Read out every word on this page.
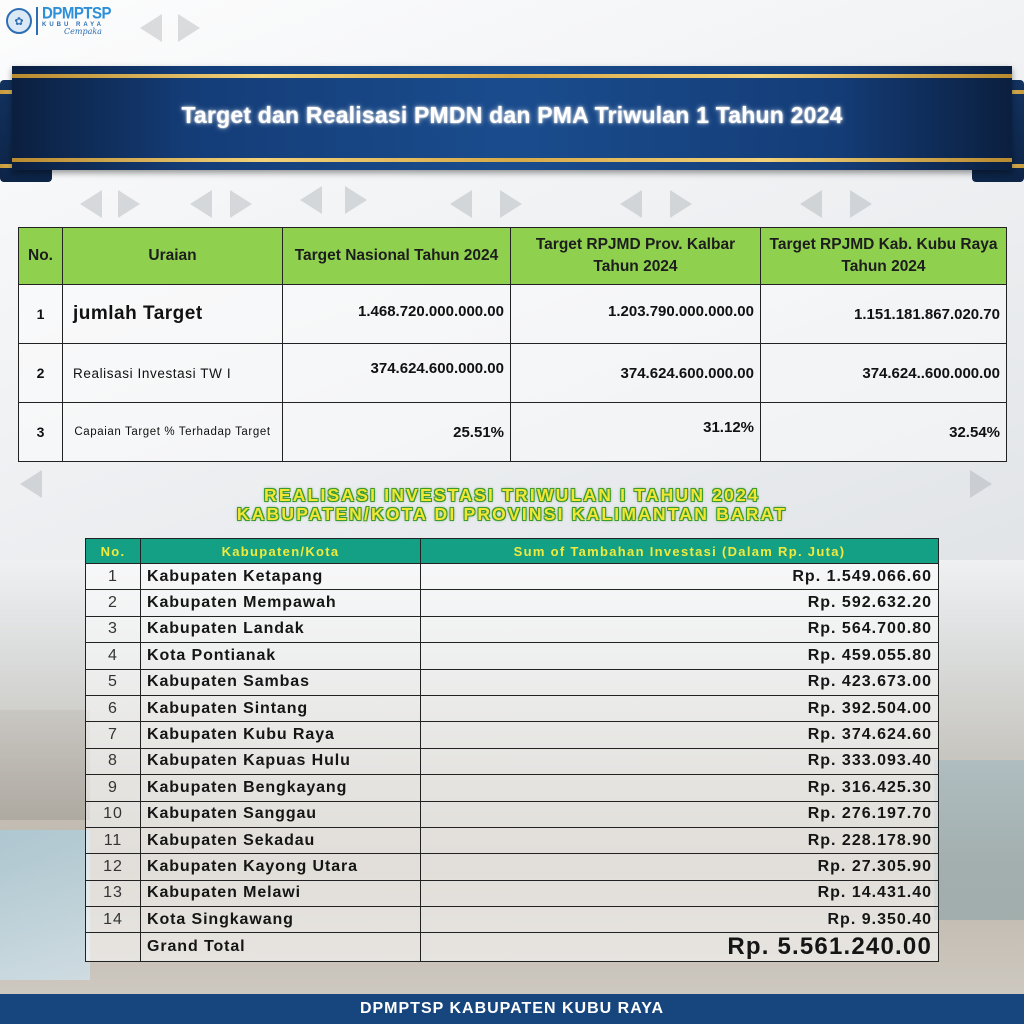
✿	DPMPTSP
KUBU RAYA
Cempaka
Target dan Realisasi PMDN dan PMA Triwulan 1 Tahun 2024
No.	Uraian	Target Nasional Tahun 2024	Target RPJMD Prov. Kalbar Tahun 2024	Target RPJMD Kab. Kubu Raya Tahun 2024
1	jumlah Target	1.468.720.000.000.00	1.203.790.000.000.00	1.151.181.867.020.70
2	Realisasi Investasi TW I	374.624.600.000.00	374.624.600.000.00	374.624..600.000.00
3	Capaian Target % Terhadap Target	25.51%	31.12%	32.54%
REALISASI INVESTASI TRIWULAN I TAHUN 2024
KABUPATEN/KOTA DI PROVINSI KALIMANTAN BARAT
No.	Kabupaten/Kota	Sum of Tambahan Investasi (Dalam Rp. Juta)
1	Kabupaten Ketapang	Rp. 1.549.066.60
2	Kabupaten Mempawah	Rp. 592.632.20
3	Kabupaten Landak	Rp. 564.700.80
4	Kota Pontianak	Rp. 459.055.80
5	Kabupaten Sambas	Rp. 423.673.00
6	Kabupaten Sintang	Rp. 392.504.00
7	Kabupaten Kubu Raya	Rp. 374.624.60
8	Kabupaten Kapuas Hulu	Rp. 333.093.40
9	Kabupaten Bengkayang	Rp. 316.425.30
10	Kabupaten Sanggau	Rp. 276.197.70
11	Kabupaten Sekadau	Rp. 228.178.90
12	Kabupaten Kayong Utara	Rp. 27.305.90
13	Kabupaten Melawi	Rp. 14.431.40
14	Kota Singkawang	Rp. 9.350.40
	Grand Total	Rp. 5.561.240.00
DPMPTSP KABUPATEN KUBU RAYA
